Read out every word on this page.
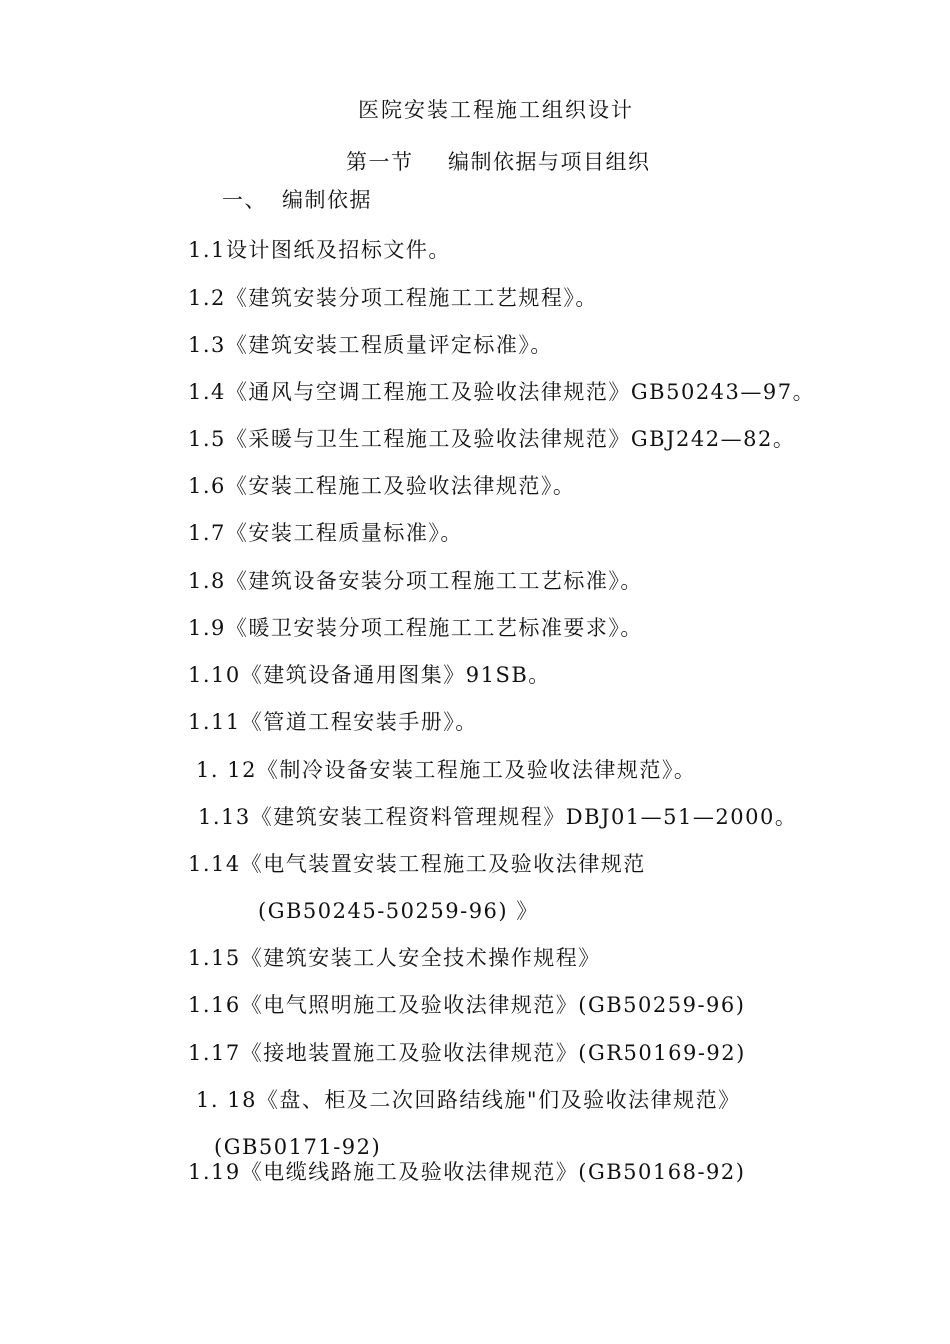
医院安装工程施工组织设计
第一节 编制依据与项目组织
一、 编制依据
1.1设计图纸及招标文件。
1.2《建筑安装分项工程施工工艺规程》。
1.3《建筑安装工程质量评定标准》。
1.4《通风与空调工程施工及验收法律规范》GB50243—97。
1.5《采暖与卫生工程施工及验收法律规范》GBJ242—82。
1.6《安装工程施工及验收法律规范》。
1.7《安装工程质量标准》。
1.8《建筑设备安装分项工程施工工艺标准》。
1.9《暖卫安装分项工程施工工艺标准要求》。
1.10《建筑设备通用图集》91SB。
1.11《管道工程安装手册》。
1. 12《制冷设备安装工程施工及验收法律规范》。
1.13《建筑安装工程资料管理规程》DBJ01—51—2000。
1.14《电气装置安装工程施工及验收法律规范
(GB50245-50259-96) 》
1.15《建筑安装工人安全技术操作规程》
1.16《电气照明施工及验收法律规范》(GB50259-96)
1.17《接地装置施工及验收法律规范》(GR50169-92)
1. 18《盘、柜及二次回路结线施"们及验收法律规范》
(GB50171-92)
1.19《电缆线路施工及验收法律规范》(GB50168-92)
